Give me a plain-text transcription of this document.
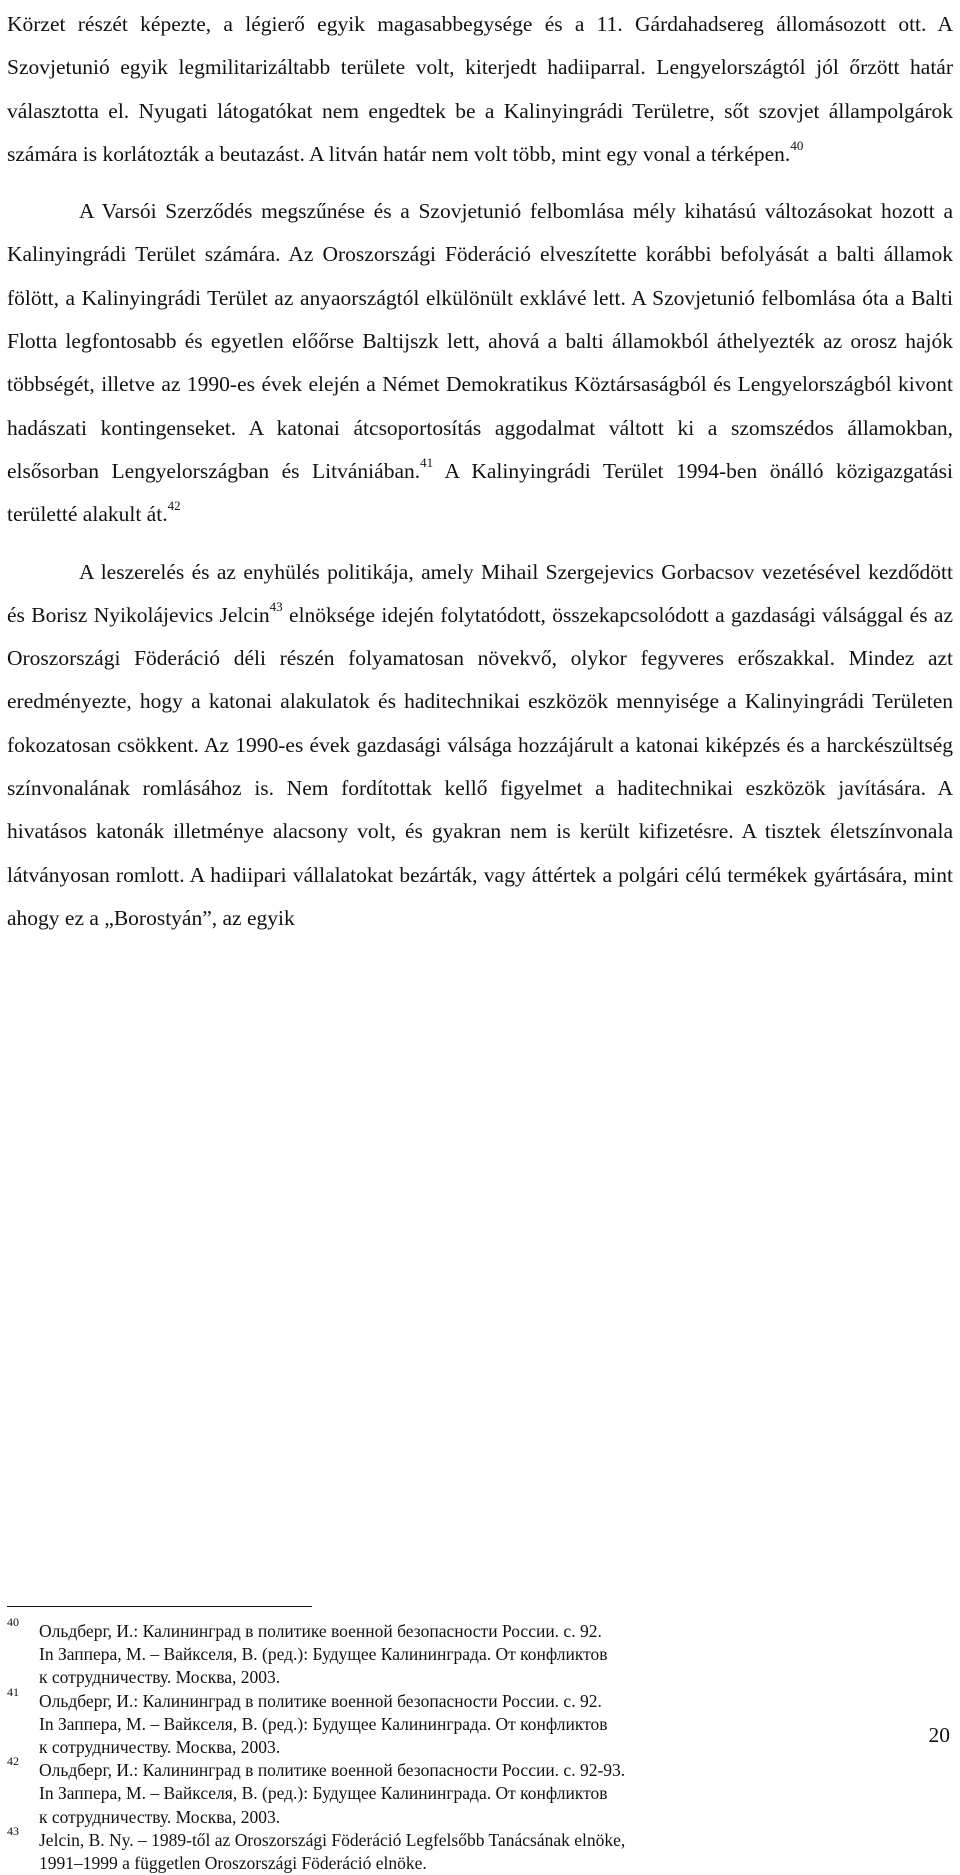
Körzet részét képezte, a légierő egyik magasabbegysége és a 11. Gárdahadsereg állomásozott ott. A Szovjetunió egyik legmilitarizáltabb területe volt, kiterjedt hadiiparral. Lengyelországtól jól őrzött határ választotta el. Nyugati látogatókat nem engedtek be a Kalinyingrádi Területre, sőt szovjet állampolgárok számára is korlátozták a beutazást. A litván határ nem volt több, mint egy vonal a térképen.$^{40}$

A Varsói Szerződés megszűnése és a Szovjetunió felbomlása mély kihatású változásokat hozott a Kalinyingrádi Terület számára. Az Oroszországi Föderáció elveszítette korábbi befolyását a balti államok fölött, a Kalinyingrádi Terület az anyaországtól elkülönült exklávé lett. A Szovjetunió felbomlása óta a Balti Flotta legfontosabb és egyetlen előőrse Baltijszk lett, ahová a balti államokból áthelyezték az orosz hajók többségét, illetve az 1990-es évek elején a Német Demokratikus Köztársaságból és Lengyelországból kivont hadászati kontingenseket. A katonai átcsoportosítás aggodalmat váltott ki a szomszédos államokban, elsősorban Lengyelországban és Litvániában.$^{41}$ A Kalinyingrádi Terület 1994-ben önálló közigazgatási területté alakult át.$^{42}$

A leszerelés és az enyhülés politikája, amely Mihail Szergejevics Gorbacsov vezetésével kezdődött és Borisz Nyikolájevics Jelcin$^{43}$ elnöksége idején folytatódott, összekapcsolódott a gazdasági válsággal és az Oroszországi Föderáció déli részén folyamatosan növekvő, olykor fegyveres erőszakkal. Mindez azt eredményezte, hogy a katonai alakulatok és haditechnikai eszközök mennyisége a Kalinyingrádi Területen fokozatosan csökkent. Az 1990-es évek gazdasági válsága hozzájárult a katonai kiképzés és a harckészültség színvonalának romlásához is. Nem fordítottak kellő figyelmet a haditechnikai eszközök javítására. A hivatásos katonák illetménye alacsony volt, és gyakran nem is került kifizetésre. A tisztek életszínvonala látványosan romlott. A hadiipari vállalatokat bezárták, vagy áttértek a polgári célú termékek gyártására, mint ahogy ez a „Borostyán”, az egyik

40 Ольдберг, И.: Калининград в политике военной безопасности России. с. 92.
In Заппера, М. – Вайкселя, В. (ред.): Будущее Калининграда. От конфликтов
к сотрудничеству. Москва, 2003.
41 Ольдберг, И.: Калининград в политике военной безопасности России. с. 92.
In Заппера, М. – Вайкселя, В. (ред.): Будущее Калининграда. От конфликтов
к сотрудничеству. Москва, 2003.
42 Ольдберг, И.: Калининград в политике военной безопасности России. с. 92-93.
In Заппера, М. – Вайкселя, В. (ред.): Будущее Калининграда. От конфликтов
к сотрудничеству. Москва, 2003.
43 Jelcin, B. Ny. – 1989-től az Oroszországi Föderáció Legfelsőbb Tanácsának elnöke,
1991–1999 a független Oroszországi Föderáció elnöke.
20
